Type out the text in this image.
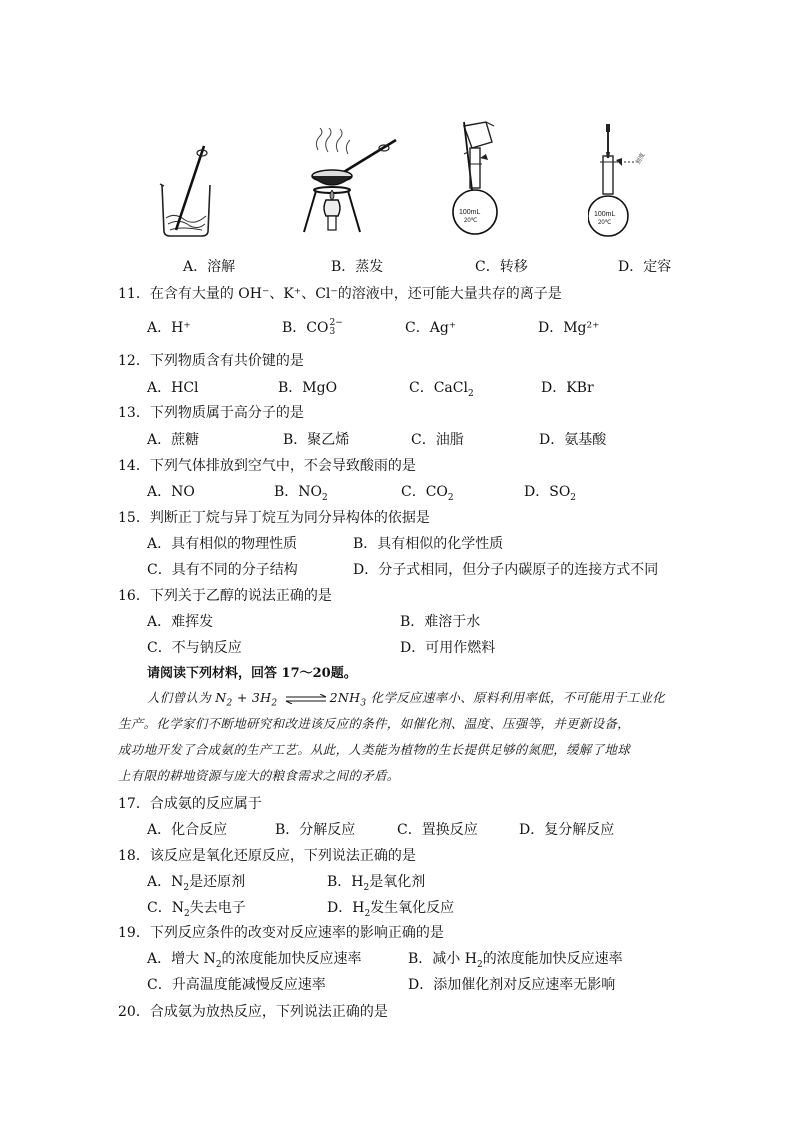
100mL
20℃
刻度
100mL
20℃
A．溶解	B．蒸发	C．转移	D．定容
11．在含有大量的 OH⁻、K⁺、Cl⁻的溶液中，还可能大量共存的离子是
A．H⁺	B．CO 2−
3	C．Ag⁺	D．Mg²⁺
12．下列物质含有共价键的是
A．HCl	B．MgO	C．CaCl$_2$	D．KBr
13．下列物质属于高分子的是
A．蔗糖	B．聚乙烯	C．油脂	D．氨基酸
14．下列气体排放到空气中，不会导致酸雨的是
A．NO	B．$NO_2$	C．$CO_2$	D．$SO_2$
15．判断正丁烷与异丁烷互为同分异构体的依据是
A．具有相似的物理性质	B．具有相似的化学性质
C．具有不同的分子结构	D．分子式相同，但分子内碳原子的连接方式不同
16．下列关于乙醇的说法正确的是
A．难挥发	B．难溶于水
C．不与钠反应	D．可用作燃料
请阅读下列材料，回答 17～20题。
人们曾认为 $N_2 + 3H_2$ ⇌ $2NH_3$ 化学反应速率小、原料利用率低，不可能用于工业化
生产。化学家们不断地研究和改进该反应的条件，如催化剂、温度、压强等，并更新设备，
成功地开发了合成氨的生产工艺。从此，人类能为植物的生长提供足够的氮肥，缓解了地球
上有限的耕地资源与庞大的粮食需求之间的矛盾。
17．合成氨的反应属于
A．化合反应	B．分解反应	C．置换反应	D．复分解反应
18．该反应是氧化还原反应，下列说法正确的是
A．$N_2$是还原剂	B．$H_2$是氧化剂
C．$N_2$失去电子	D．$H_2$发生氧化反应
19．下列反应条件的改变对反应速率的影响正确的是
A．增大 $N_2$的浓度能加快反应速率	B．减小 $H_2$的浓度能加快反应速率
C．升高温度能减慢反应速率	D．添加催化剂对反应速率无影响
20．合成氨为放热反应，下列说法正确的是
